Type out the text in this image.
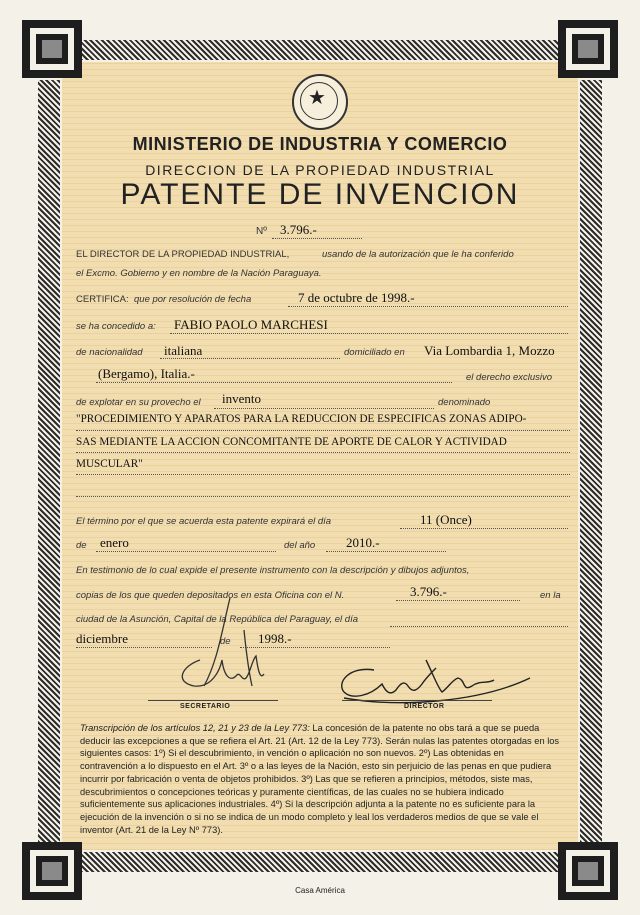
★
MINISTERIO DE INDUSTRIA Y COMERCIO
DIRECCION DE LA PROPIEDAD INDUSTRIAL
PATENTE DE INVENCION
Nº 3.796.-
EL DIRECTOR DE LA PROPIEDAD INDUSTRIAL,	usando de la autorización que le ha conferido
el Excmo. Gobierno y en nombre de la Nación Paraguaya.
CERTIFICA: que por resolución de fecha	7 de octubre de 1998.-
se ha concedido a: FABIO PAOLO MARCHESI
de nacionalidad italiana	domiciliado en Via Lombardia 1, Mozzo
(Bergamo), Italia.-	el derecho exclusivo
de explotar en su provecho el invento	denominado
"PROCEDIMIENTO Y APARATOS PARA LA REDUCCION DE ESPECIFICAS ZONAS ADIPO-
SAS MEDIANTE LA ACCION CONCOMITANTE DE APORTE DE CALOR Y ACTIVIDAD
MUSCULAR"
El término por el que se acuerda esta patente expirará el día	11 (Once)
de enero	del año 2010.-
En testimonio de lo cual expide el presente instrumento con la descripción y dibujos adjuntos,
copias de los que queden depositados en esta Oficina con el N.	3.796.-	en la
ciudad de la Asunción, Capital de la República del Paraguay, el día
diciembre	de 1998.-
SECRETARIO	DIRECTOR
Transcripción de los artículos 12, 21 y 23 de la Ley 773: La concesión de la patente no obs tará a que se pueda deducir las excepciones a que se refiera el Art. 21 (Art. 12 de la Ley 773). Serán nulas las patentes otorgadas en los siguientes casos: 1º) Si el descubrimiento, in vención o aplicación no son nuevos. 2º) Las obtenidas en contravención a lo dispuesto en el Art. 3º o a las leyes de la Nación, esto sin perjuicio de las penas en que pudiera incurrir por fabricación o venta de objetos prohibidos. 3º) Las que se refieren a principios, métodos, siste mas, descubrimientos o concepciones teóricas y puramente científicas, de las cuales no se hubiera indicado suficientemente sus aplicaciones industriales. 4º) Si la descripción adjunta a la patente no es suficiente para la ejecución de la invención o si no se indica de un modo completo y leal los verdaderos medios de que se vale el inventor (Art. 21 de la Ley Nº 773).
Casa América
